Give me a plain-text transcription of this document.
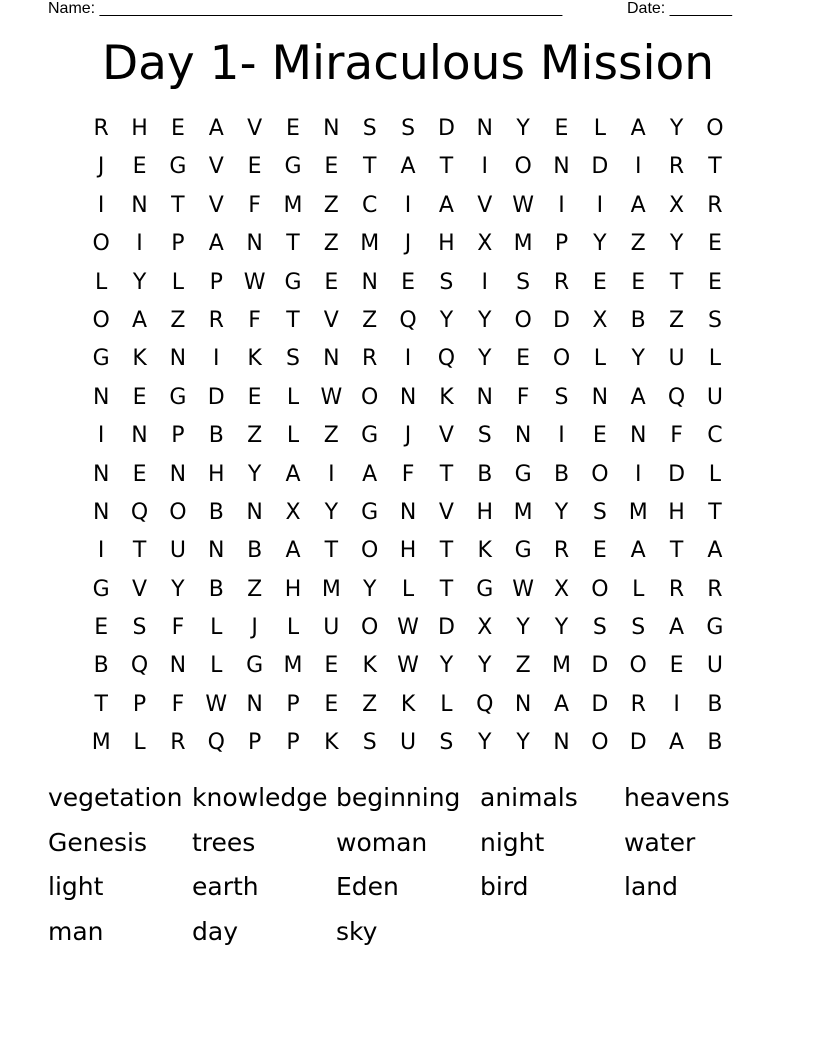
Name: ____________________________________________________	Date: _______
Day 1- Miraculous Mission
R	H	E	A	V	E	N	S	S	D N	Y	E	L	A	Y	O
J	E	G	V	E	G	E	T	A	T	I	O N D	I	R	T
I	N	T	V	F	M Z	C	I	A	V W	I	I	A	X	R
O	I	P	A	N	T	Z M	J	H	X M	P	Y	Z	Y	E
L	Y	L	P W G	E	N	E	S	I	S	R	E	E	T	E
O	A	Z	R	F	T	V	Z	Q	Y	Y	O D	X	B	Z	S
G	K	N	I	K	S	N	R	I	Q	Y	E	O	L	Y	U	L
N	E	G D	E	L W O N	K	N	F	S	N	A	Q U
I	N	P	B	Z	L	Z	G	J	V	S	N	I	E	N	F	C
N	E	N H	Y	A	I	A	F	T	B	G	B	O	I	D	L
N Q O	B	N	X	Y	G N	V	H M	Y	S M H	T
I	T	U	N	B	A	T	O H	T	K	G	R	E	A	T	A
G	V	Y	B	Z	H M	Y	L	T	G W X	O	L	R	R
E	S	F	L	J	L	U O W D	X	Y	Y	S	S	A	G
B	Q N	L	G M E	K W Y	Y	Z M D O	E	U
T	P	F W N	P	E	Z	K	L	Q N	A	D	R	I	B
M	L	R	Q	P	P	K	S	U	S	Y	Y	N O D	A	B
vegetation knowledge beginning animals	heavens
Genesis	trees	woman	night	water
light	earth	Eden	bird	land
man	day	sky
